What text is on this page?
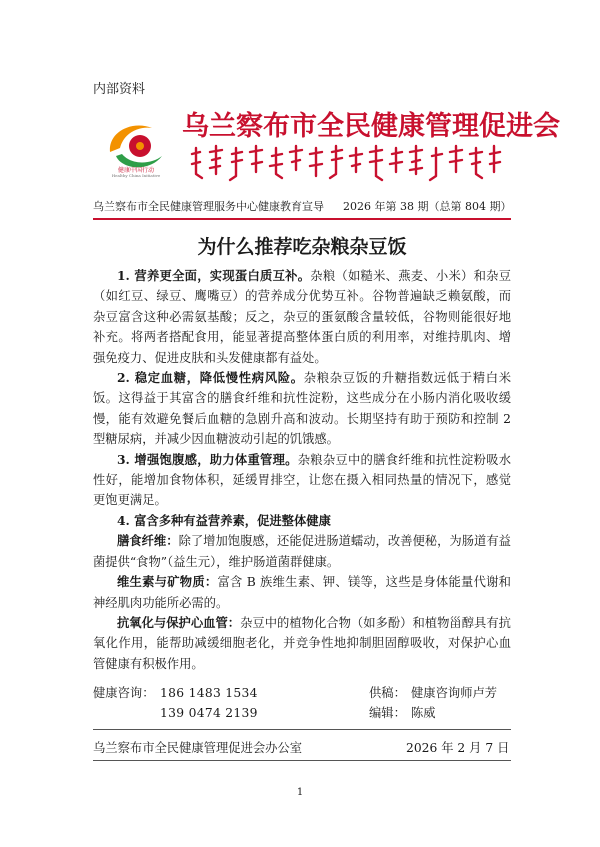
内部资料
健康中国行动
Healthy China Initiative
乌兰察布市全民健康管理促进会
乌兰察布市全民健康管理服务中心健康教育宣导 2026 年第 38 期（总第 804 期）
为什么推荐吃杂粮杂豆饭

1. 营养更全面，实现蛋白质互补。杂粮（如糙米、燕麦、小米）和杂豆（如红豆、绿豆、鹰嘴豆）的营养成分优势互补。谷物普遍缺乏赖氨酸，而杂豆富含这种必需氨基酸；反之，杂豆的蛋氨酸含量较低，谷物则能很好地补充。将两者搭配食用，能显著提高整体蛋白质的利用率，对维持肌肉、增强免疫力、促进皮肤和头发健康都有益处。

2. 稳定血糖，降低慢性病风险。杂粮杂豆饭的升糖指数远低于精白米饭。这得益于其富含的膳食纤维和抗性淀粉，这些成分在小肠内消化吸收缓慢，能有效避免餐后血糖的急剧升高和波动。长期坚持有助于预防和控制 2 型糖尿病，并减少因血糖波动引起的饥饿感。

3. 增强饱腹感，助力体重管理。杂粮杂豆中的膳食纤维和抗性淀粉吸水性好，能增加食物体积，延缓胃排空，让您在摄入相同热量的情况下，感觉更饱更满足。

4. 富含多种有益营养素，促进整体健康

膳食纤维：除了增加饱腹感，还能促进肠道蠕动，改善便秘，为肠道有益菌提供“食物”（益生元），维护肠道菌群健康。

维生素与矿物质：富含 B 族维生素、钾、镁等，这些是身体能量代谢和神经肌肉功能所必需的。

抗氧化与保护心血管：杂豆中的植物化合物（如多酚）和植物甾醇具有抗氧化作用，能帮助减缓细胞老化，并竞争性地抑制胆固醇吸收，对保护心血管健康有积极作用。

健康咨询： 186 1483 1534	供稿： 健康咨询师卢芳
139 0474 2139	编辑： 陈威
乌兰察布市全民健康管理促进会办公室	2026 年 2 月 7 日
1
